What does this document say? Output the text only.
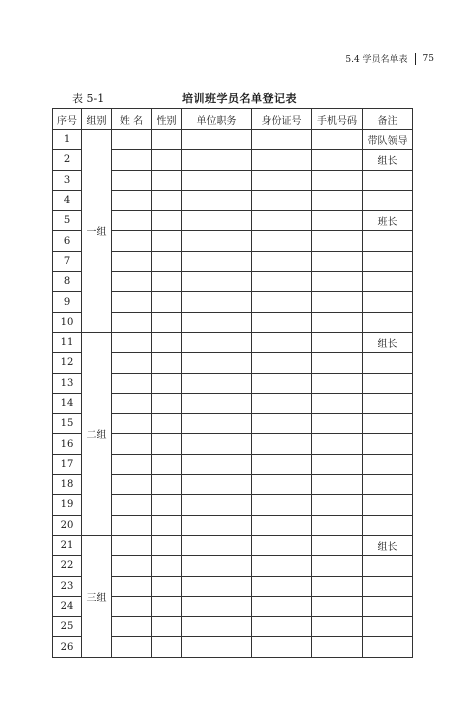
5.4 学员名单表 75
表 5-1	培训班学员名单登记表
序号	组别	姓 名	性别	单位职务	身份证号	手机号码	备注
1	一组						带队领导
2							组长
3							
4							
5							班长
6							
7							
8							
9							
10							
11	二组						组长
12							
13							
14							
15							
16							
17							
18							
19							
20							
21	三组						组长
22							
23							
24							
25							
26							
